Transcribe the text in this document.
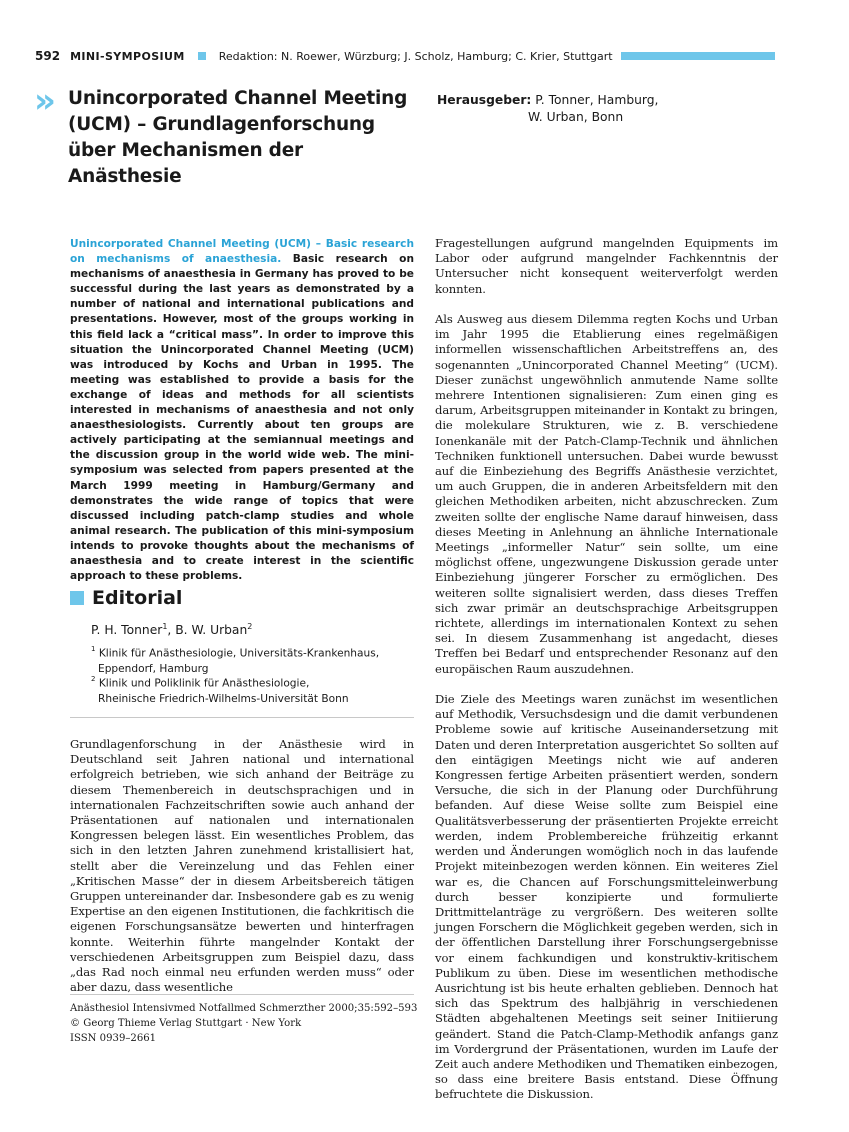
592 MINI-SYMPOSIUM	Redaktion: N. Roewer, Würzburg; J. Scholz, Hamburg; C. Krier, Stuttgart
» Unincorporated Channel Meeting (UCM) – Grundlagenforschung über Mechanismen der Anästhesie
Herausgeber: P. Tonner, Hamburg,
W. Urban, Bonn

Unincorporated Channel Meeting (UCM) – Basic research on mechanisms of anaesthesia. Basic research on mechanisms of anaesthesia in Germany has proved to be successful during the last years as demonstrated by a number of national and international publications and presentations. However, most of the groups working in this field lack a “critical mass”. In order to improve this situation the Unincorporated Channel Meeting (UCM) was introduced by Kochs and Urban in 1995. The meeting was established to provide a basis for the exchange of ideas and methods for all scientists interested in mechanisms of anaesthesia and not only anaesthesiologists. Currently about ten groups are actively participating at the semiannual meetings and the discussion group in the world wide web. The mini-symposium was selected from papers presented at the March 1999 meeting in Hamburg/Germany and demonstrates the wide range of topics that were discussed including patch-clamp studies and whole animal research. The publication of this mini-symposium intends to provoke thoughts about the mechanisms of anaesthesia and to create interest in the scientific approach to these problems.

Editorial
P. H. Tonner$^1$, B. W. Urban$^2$
$^1$ Klinik für Anästhesiologie, Universitäts-Krankenhaus,
Eppendorf, Hamburg
$^2$ Klinik und Poliklinik für Anästhesiologie,
Rheinische Friedrich-Wilhelms-Universität Bonn

Grundlagenforschung in der Anästhesie wird in Deutschland seit Jahren national und international erfolgreich betrieben, wie sich anhand der Beiträge zu diesem Themenbereich in deutschsprachigen und in internationalen Fachzeitschriften sowie auch anhand der Präsentationen auf nationalen und internationalen Kongressen belegen lässt. Ein wesentliches Problem, das sich in den letzten Jahren zunehmend kristallisiert hat, stellt aber die Vereinzelung und das Fehlen einer „Kritischen Masse“ der in diesem Arbeitsbereich tätigen Gruppen untereinander dar. Insbesondere gab es zu wenig Expertise an den eigenen Institutionen, die fachkritisch die eigenen Forschungsansätze bewerten und hinterfragen konnte. Weiterhin führte mangelnder Kontakt der verschiedenen Arbeitsgruppen zum Beispiel dazu, dass „das Rad noch einmal neu erfunden werden muss“ oder aber dazu, dass wesentliche

Anästhesiol Intensivmed Notfallmed Schmerzther 2000;35:592–593
© Georg Thieme Verlag Stuttgart · New York
ISSN 0939–2661

Fragestellungen aufgrund mangelnden Equipments im Labor oder aufgrund mangelnder Fachkenntnis der Untersucher nicht konsequent weiterverfolgt werden konnten.

Als Ausweg aus diesem Dilemma regten Kochs und Urban im Jahr 1995 die Etablierung eines regelmäßigen informellen wissenschaftlichen Arbeitstreffens an, des sogenannten „Unincorporated Channel Meeting“ (UCM). Dieser zunächst ungewöhnlich anmutende Name sollte mehrere Intentionen signalisieren: Zum einen ging es darum, Arbeitsgruppen miteinander in Kontakt zu bringen, die molekulare Strukturen, wie z. B. verschiedene Ionenkanäle mit der Patch-Clamp-Technik und ähnlichen Techniken funktionell untersuchen. Dabei wurde bewusst auf die Einbeziehung des Begriffs Anästhesie verzichtet, um auch Gruppen, die in anderen Arbeitsfeldern mit den gleichen Methodiken arbeiten, nicht abzuschrecken. Zum zweiten sollte der englische Name darauf hinweisen, dass dieses Meeting in Anlehnung an ähnliche Internationale Meetings „informeller Natur“ sein sollte, um eine möglichst offene, ungezwungene Diskussion gerade unter Einbeziehung jüngerer Forscher zu ermöglichen. Des weiteren sollte signalisiert werden, dass dieses Treffen sich zwar primär an deutschsprachige Arbeitsgruppen richtete, allerdings im internationalen Kontext zu sehen sei. In diesem Zusammenhang ist angedacht, dieses Treffen bei Bedarf und entsprechender Resonanz auf den europäischen Raum auszudehnen.

Die Ziele des Meetings waren zunächst im wesentlichen auf Methodik, Versuchsdesign und die damit verbundenen Probleme sowie auf kritische Auseinandersetzung mit Daten und deren Interpretation ausgerichtet So sollten auf den eintägigen Meetings nicht wie auf anderen Kongressen fertige Arbeiten präsentiert werden, sondern Versuche, die sich in der Planung oder Durchführung befanden. Auf diese Weise sollte zum Beispiel eine Qualitätsverbesserung der präsentierten Projekte erreicht werden, indem Problembereiche frühzeitig erkannt werden und Änderungen womöglich noch in das laufende Projekt miteinbezogen werden können. Ein weiteres Ziel war es, die Chancen auf Forschungsmitteleinwerbung durch besser konzipierte und formulierte Drittmittelanträge zu vergrößern. Des weiteren sollte jungen Forschern die Möglichkeit gegeben werden, sich in der öffentlichen Darstellung ihrer Forschungsergebnisse vor einem fachkundigen und konstruktiv-kritischem Publikum zu üben. Diese im wesentlichen methodische Ausrichtung ist bis heute erhalten geblieben. Dennoch hat sich das Spektrum des halbjährig in verschiedenen Städten abgehaltenen Meetings seit seiner Initiierung geändert. Stand die Patch-Clamp-Methodik anfangs ganz im Vordergrund der Präsentationen, wurden im Laufe der Zeit auch andere Methodiken und Thematiken einbezogen, so dass eine breitere Basis entstand. Diese Öffnung befruchtete die Diskussion.
